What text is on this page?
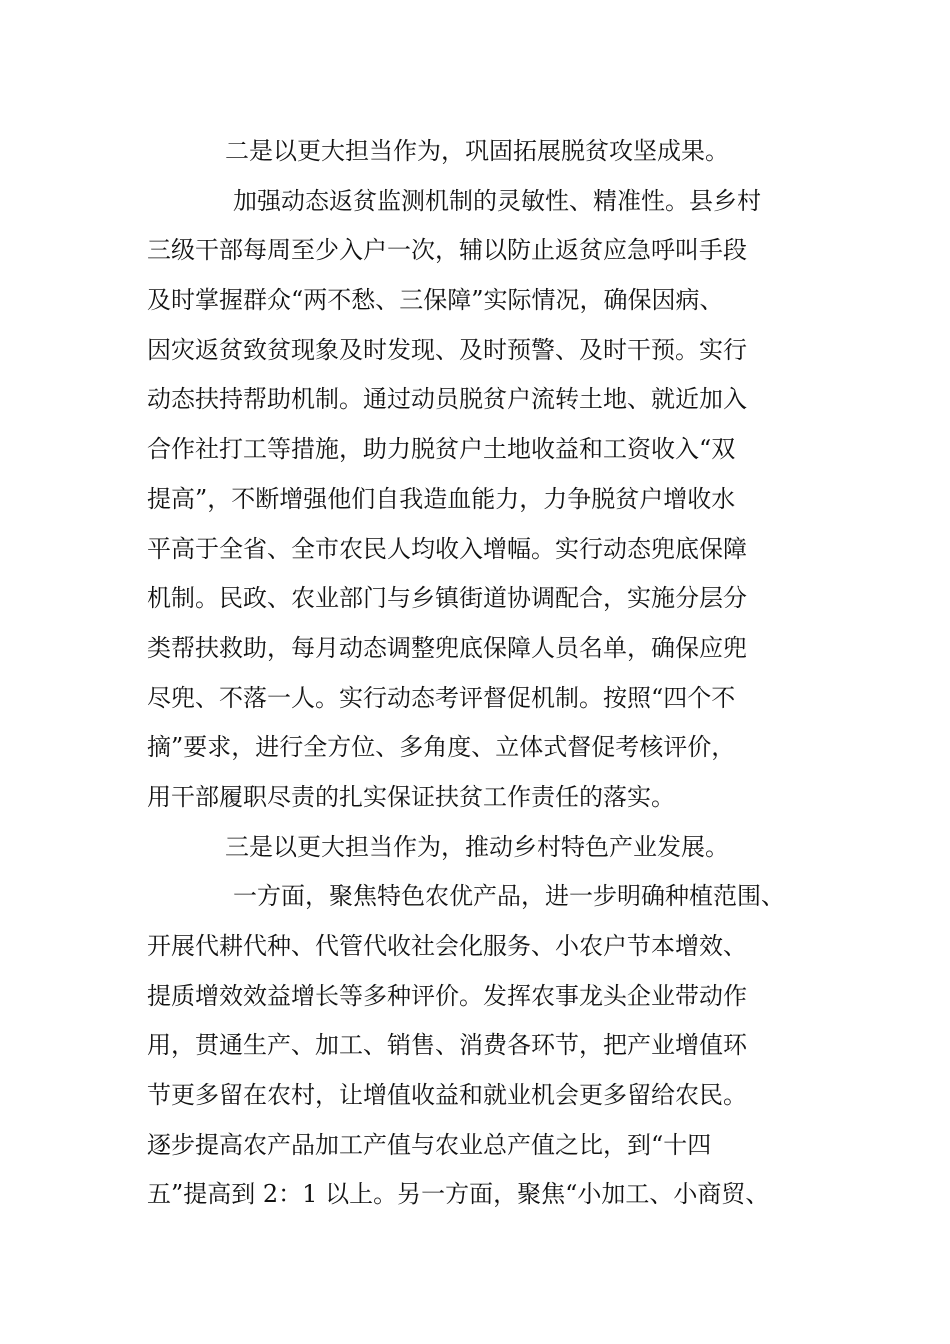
二是以更大担当作为，巩固拓展脱贫攻坚成果。
加强动态返贫监测机制的灵敏性、精准性。县乡村
三级干部每周至少入户一次，辅以防止返贫应急呼叫手段
及时掌握群众“两不愁、三保障”实际情况，确保因病、
因灾返贫致贫现象及时发现、及时预警、及时干预。实行
动态扶持帮助机制。通过动员脱贫户流转土地、就近加入
合作社打工等措施，助力脱贫户土地收益和工资收入“双
提高”，不断增强他们自我造血能力，力争脱贫户增收水
平高于全省、全市农民人均收入增幅。实行动态兜底保障
机制。民政、农业部门与乡镇街道协调配合，实施分层分
类帮扶救助，每月动态调整兜底保障人员名单，确保应兜
尽兜、不落一人。实行动态考评督促机制。按照“四个不
摘”要求，进行全方位、多角度、立体式督促考核评价，
用干部履职尽责的扎实保证扶贫工作责任的落实。
三是以更大担当作为，推动乡村特色产业发展。
一方面，聚焦特色农优产品，进一步明确种植范围、
开展代耕代种、代管代收社会化服务、小农户节本增效、
提质增效效益增长等多种评价。发挥农事龙头企业带动作
用，贯通生产、加工、销售、消费各环节，把产业增值环
节更多留在农村，让增值收益和就业机会更多留给农民。
逐步提高农产品加工产值与农业总产值之比，到“十四
五”提高到 2：1 以上。另一方面，聚焦“小加工、小商贸、
